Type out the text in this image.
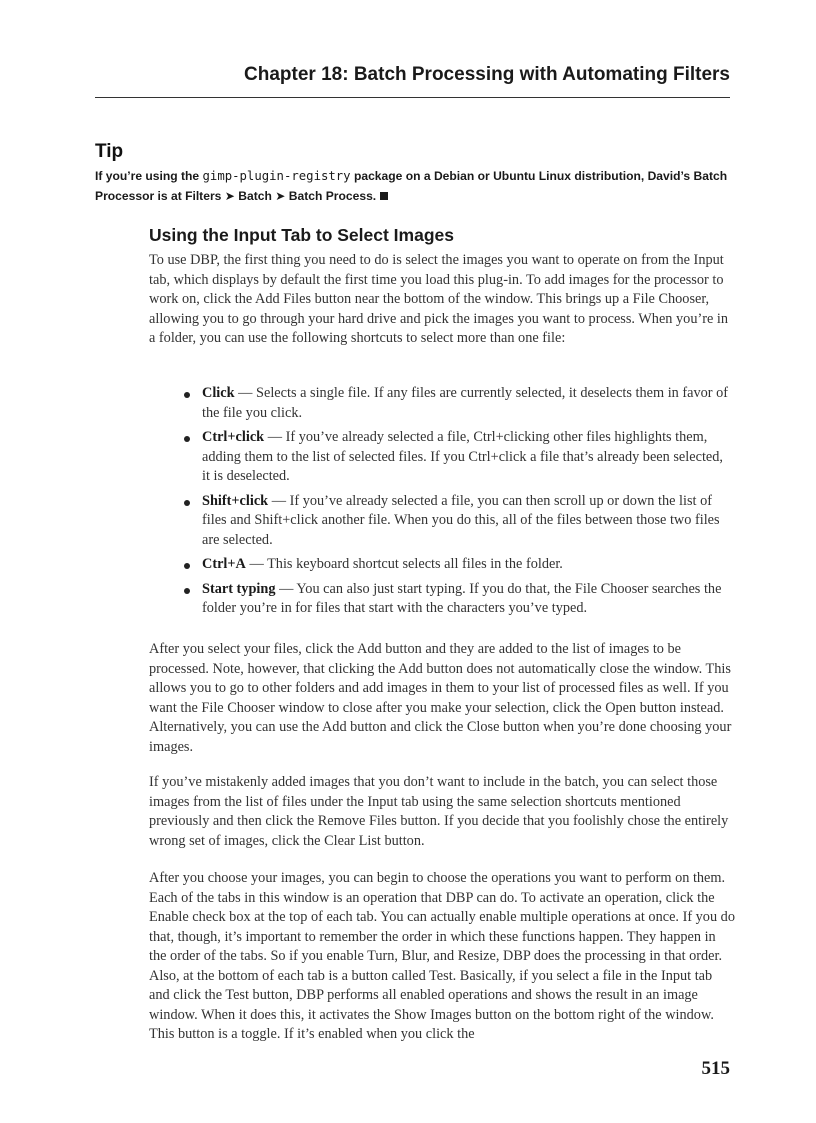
Chapter 18: Batch Processing with Automating Filters
Tip
If you’re using the gimp-plugin-registry package on a Debian or Ubuntu Linux distribution, David’s Batch Processor is at Filters ➤ Batch ➤ Batch Process.
Using the Input Tab to Select Images

To use DBP, the first thing you need to do is select the images you want to operate on from the Input tab, which displays by default the first time you load this plug-in. To add images for the processor to work on, click the Add Files button near the bottom of the window. This brings up a File Chooser, allowing you to go through your hard drive and pick the images you want to process. When you’re in a folder, you can use the following shortcuts to select more than one file:

Click — Selects a single file. If any files are currently selected, it deselects them in favor of the file you click.
Ctrl+click — If you’ve already selected a file, Ctrl+clicking other files highlights them, adding them to the list of selected files. If you Ctrl+click a file that’s already been selected, it is deselected.
Shift+click — If you’ve already selected a file, you can then scroll up or down the list of files and Shift+click another file. When you do this, all of the files between those two files are selected.
Ctrl+A — This keyboard shortcut selects all files in the folder.
Start typing — You can also just start typing. If you do that, the File Chooser searches the folder you’re in for files that start with the characters you’ve typed.

After you select your files, click the Add button and they are added to the list of images to be processed. Note, however, that clicking the Add button does not automatically close the window. This allows you to go to other folders and add images in them to your list of processed files as well. If you want the File Chooser window to close after you make your selection, click the Open button instead. Alternatively, you can use the Add button and click the Close button when you’re done choosing your images.

If you’ve mistakenly added images that you don’t want to include in the batch, you can select those images from the list of files under the Input tab using the same selection shortcuts mentioned previously and then click the Remove Files button. If you decide that you foolishly chose the entirely wrong set of images, click the Clear List button.

After you choose your images, you can begin to choose the operations you want to perform on them. Each of the tabs in this window is an operation that DBP can do. To activate an operation, click the Enable check box at the top of each tab. You can actually enable multiple operations at once. If you do that, though, it’s important to remember the order in which these functions happen. They happen in the order of the tabs. So if you enable Turn, Blur, and Resize, DBP does the processing in that order. Also, at the bottom of each tab is a button called Test. Basically, if you select a file in the Input tab and click the Test button, DBP performs all enabled operations and shows the result in an image window. When it does this, it activates the Show Images button on the bottom right of the window. This button is a toggle. If it’s enabled when you click the

515
